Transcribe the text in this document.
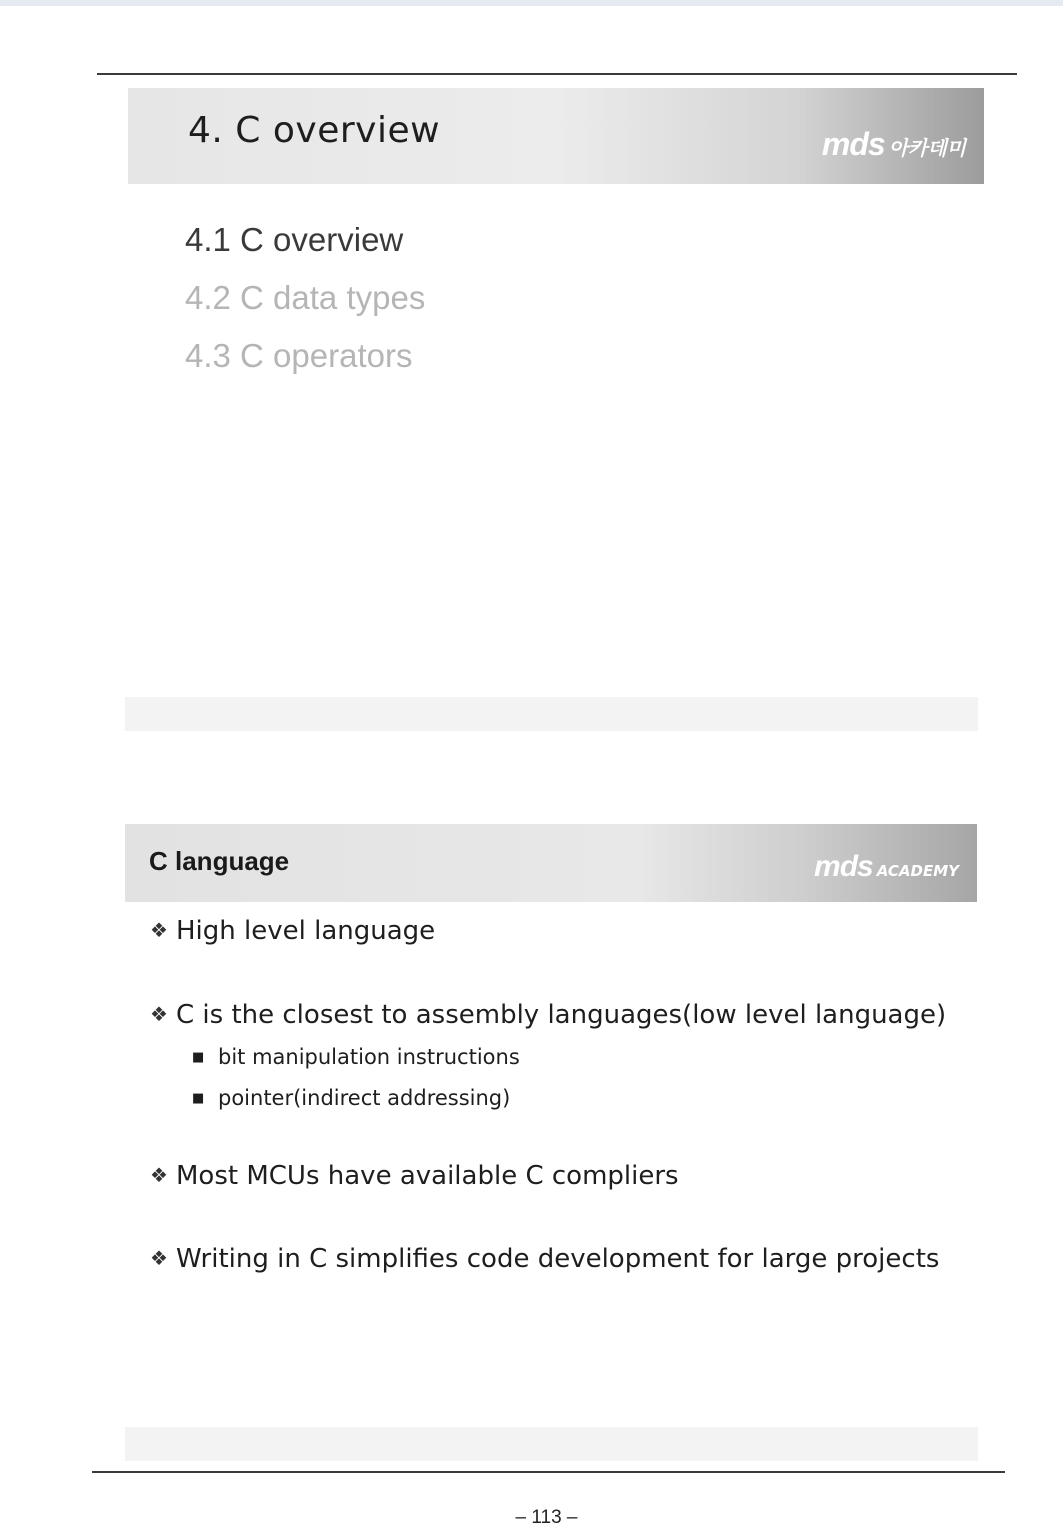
4. C overview	mds 아카데미
4.1 C overview
4.2 C data types
4.3 C operators
C language	mds ACADEMY
❖ High level language
❖ C is the closest to assembly languages(low level language)
■ bit manipulation instructions
■ pointer(indirect addressing)
❖ Most MCUs have available C compliers
❖ Writing in C simplifies code development for large projects
– 113 –
